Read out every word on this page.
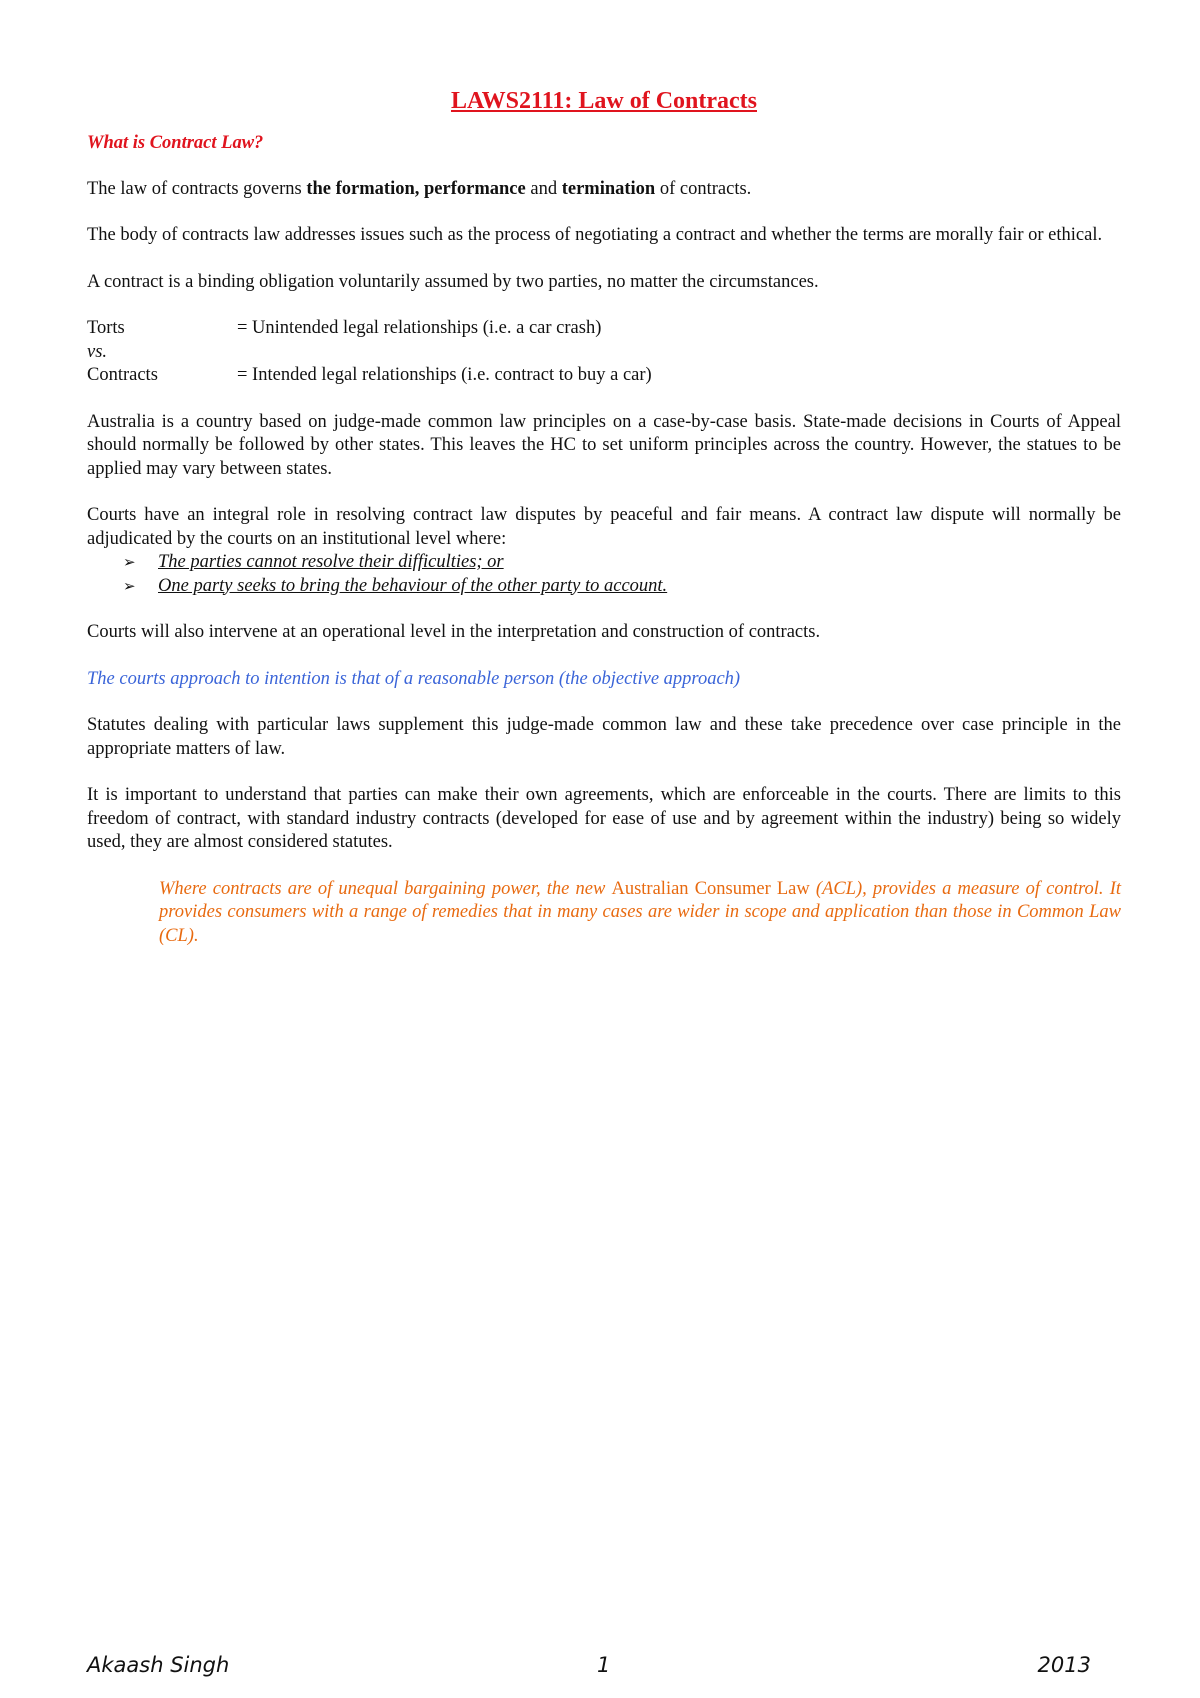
LAWS2111: Law of Contracts
What is Contract Law?

The law of contracts governs the formation, performance and termination of contracts.

The body of contracts law addresses issues such as the process of negotiating a contract and whether the terms are morally fair or ethical.

A contract is a binding obligation voluntarily assumed by two parties, no matter the circumstances.

Torts	= Unintended legal relationships (i.e. a car crash)
vs.
Contracts	= Intended legal relationships (i.e. contract to buy a car)

Australia is a country based on judge-made common law principles on a case-by-case basis. State-made decisions in Courts of Appeal should normally be followed by other states. This leaves the HC to set uniform principles across the country. However, the statues to be applied may vary between states.

Courts have an integral role in resolving contract law disputes by peaceful and fair means. A contract law dispute will normally be adjudicated by the courts on an institutional level where:

➢	The parties cannot resolve their difficulties; or
➢	One party seeks to bring the behaviour of the other party to account.

Courts will also intervene at an operational level in the interpretation and construction of contracts.

The courts approach to intention is that of a reasonable person (the objective approach)

Statutes dealing with particular laws supplement this judge-made common law and these take precedence over case principle in the appropriate matters of law.

It is important to understand that parties can make their own agreements, which are enforceable in the courts. There are limits to this freedom of contract, with standard industry contracts (developed for ease of use and by agreement within the industry) being so widely used, they are almost considered statutes.

Where contracts are of unequal bargaining power, the new Australian Consumer Law (ACL), provides a measure of control. It provides consumers with a range of remedies that in many cases are wider in scope and application than those in Common Law (CL).
Akaash Singh	1	2013
